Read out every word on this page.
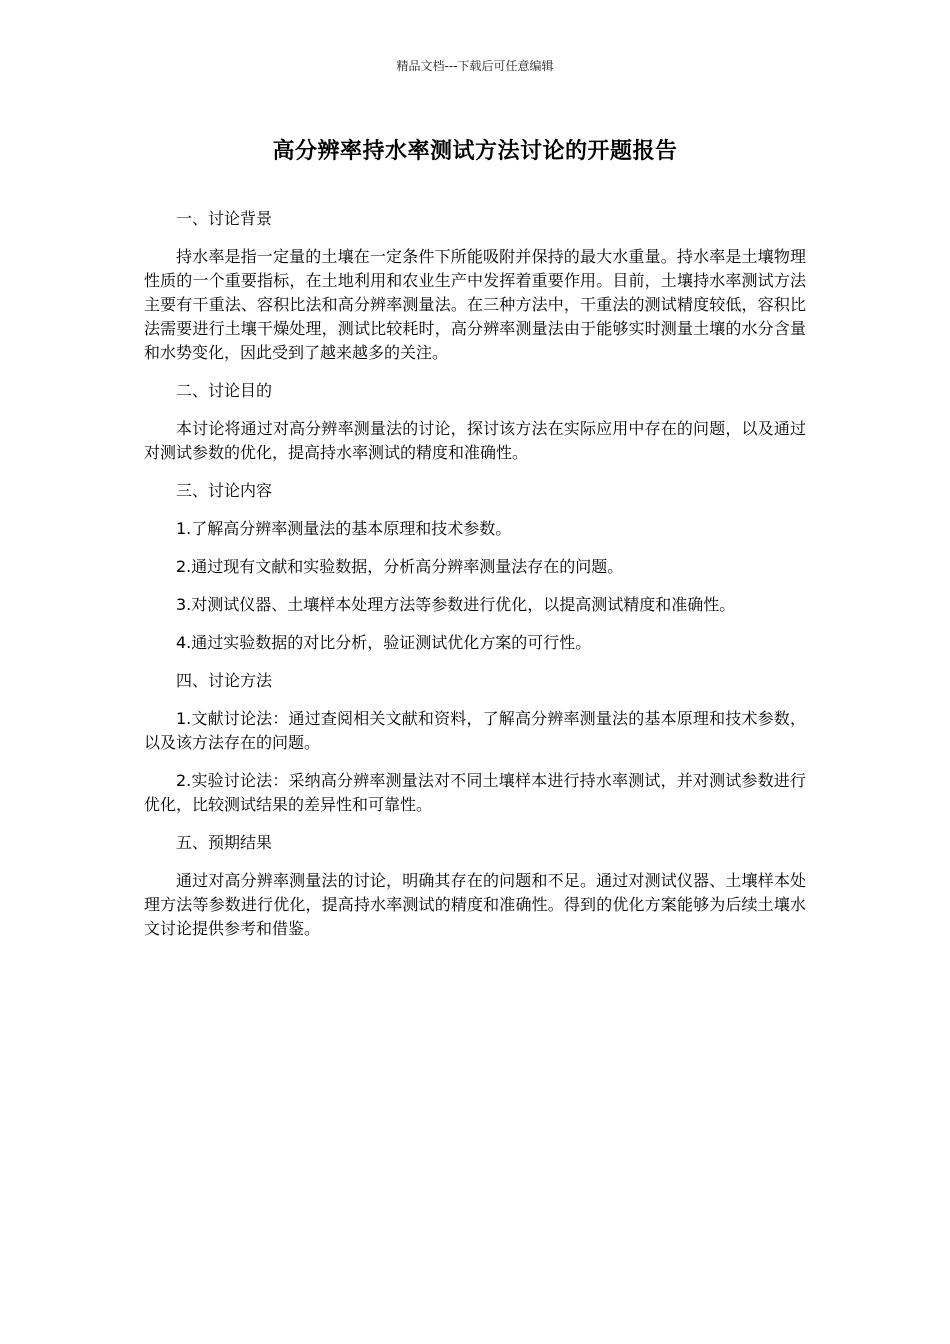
精品文档---下载后可任意编辑
高分辨率持水率测试方法讨论的开题报告

一、讨论背景

持水率是指一定量的土壤在一定条件下所能吸附并保持的最大水重量。持水率是土壤物理性质的一个重要指标，在土地利用和农业生产中发挥着重要作用。目前，土壤持水率测试方法主要有干重法、容积比法和高分辨率测量法。在三种方法中，干重法的测试精度较低，容积比法需要进行土壤干燥处理，测试比较耗时，高分辨率测量法由于能够实时测量土壤的水分含量和水势变化，因此受到了越来越多的关注。

二、讨论目的

本讨论将通过对高分辨率测量法的讨论，探讨该方法在实际应用中存在的问题，以及通过对测试参数的优化，提高持水率测试的精度和准确性。

三、讨论内容

1.了解高分辨率测量法的基本原理和技术参数。

2.通过现有文献和实验数据，分析高分辨率测量法存在的问题。

3.对测试仪器、土壤样本处理方法等参数进行优化，以提高测试精度和准确性。

4.通过实验数据的对比分析，验证测试优化方案的可行性。

四、讨论方法

1.文献讨论法：通过查阅相关文献和资料，了解高分辨率测量法的基本原理和技术参数，以及该方法存在的问题。

2.实验讨论法：采纳高分辨率测量法对不同土壤样本进行持水率测试，并对测试参数进行优化，比较测试结果的差异性和可靠性。

五、预期结果

通过对高分辨率测量法的讨论，明确其存在的问题和不足。通过对测试仪器、土壤样本处理方法等参数进行优化，提高持水率测试的精度和准确性。得到的优化方案能够为后续土壤水文讨论提供参考和借鉴。
